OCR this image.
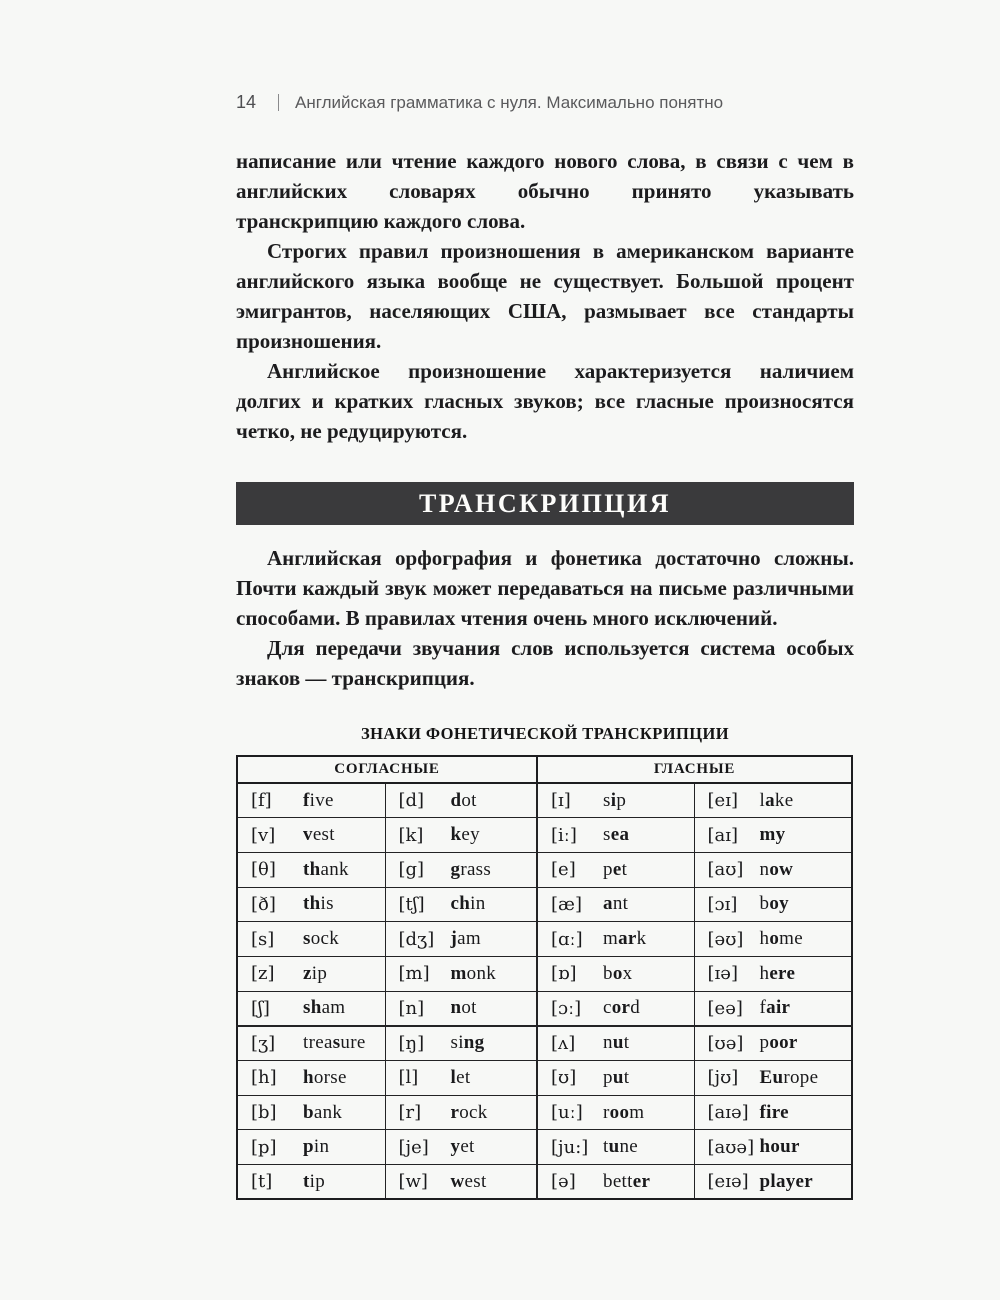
14 Английская грамматика с нуля. Максимально понятно

написание или чтение каждого нового слова, в связи с чем в английских словарях обычно принято указывать транскрипцию каждого слова.

Строгих правил произношения в американском варианте английского языка вообще не существует. Большой процент эмигрантов, населяющих США, размывает все стандарты произношения.

Английское произношение характеризуется наличием долгих и кратких гласных звуков; все гласные произносятся четко, не редуцируются.

ТРАНСКРИПЦИЯ

Английская орфография и фонетика достаточно сложны. Почти каждый звук может передаваться на письме различными способами. В правилах чтения очень много исключений.

Для передачи звучания слов используется система особых знаков — транскрипция.

ЗНАКИ ФОНЕТИЧЕСКОЙ ТРАНСКРИПЦИИ
СОГЛАСНЫЕ		ГЛАСНЫЕ	

[f] five	[d] dot	[ɪ] sip	[eɪ] lake

[v] vest	[k] key	[iː] sea	[aɪ] my

[θ] thank	[g] grass	[e] pet	[aʊ] now

[ð] this	[tʃ] chin	[æ] ant	[ɔɪ] boy

[s] sock	[dʒ] jam	[ɑː] mark	[əʊ] home

[z] zip	[m] monk	[ɒ] box	[ɪə] here

[ʃ] sham	[n] not	[ɔː] cord	[eə] fair

[ʒ] treasure	[ŋ] sing	[ʌ] nut	[ʊə] poor

[h] horse	[l] let	[ʊ] put	[jʊ] Europe

[b] bank	[r] rock	[uː] room	[aɪə] fire

[p] pin	[je] yet	[ju:] tune	[aʊə] hour

[t] tip	[w] west	[ə] better	[eɪə] player
